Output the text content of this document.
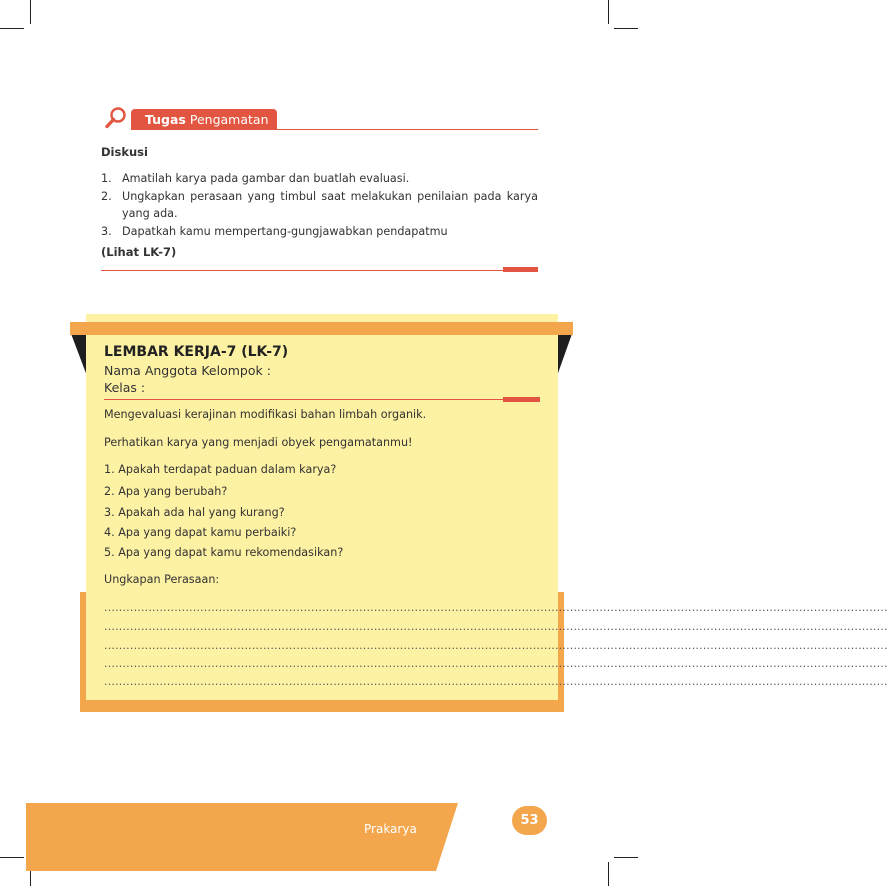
Tugas Pengamatan
Diskusi
1. Amatilah karya pada gambar dan buatlah evaluasi.
2. Ungkapkan perasaan yang timbul saat melakukan penilaian pada karya yang ada.
3. Dapatkah kamu mempertang-gungjawabkan pendapatmu
(Lihat LK-7)
LEMBAR KERJA-7 (LK-7)
Nama Anggota Kelompok :
Kelas :
Mengevaluasi kerajinan modifikasi bahan limbah organik.
Perhatikan karya yang menjadi obyek pengamatanmu!
1. Apakah terdapat paduan dalam karya?
2. Apa yang berubah?
3. Apakah ada hal yang kurang?
4. Apa yang dapat kamu perbaiki?
5. Apa yang dapat kamu rekomendasikan?
Ungkapan Perasaan:
....................................................................................................................................................................................................................
....................................................................................................................................................................................................................
....................................................................................................................................................................................................................
....................................................................................................................................................................................................................
....................................................................................................................................................................................................................
Prakarya
53
